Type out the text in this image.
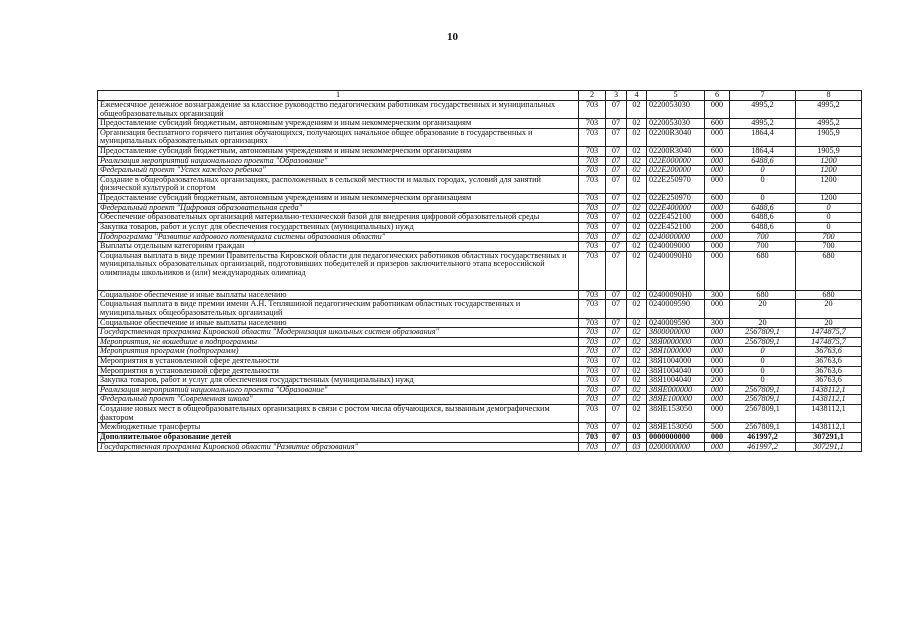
10
1	2	3	4	5	6	7	8
Ежемесячное денежное вознаграждение за классное руководство педагогическим работникам государственных и муниципальных общеобразовательных организаций	703	07	02	0220053030	000	4995,2	4995,2
Предоставление субсидий бюджетным, автономным учреждениям и иным некоммерческим организациям	703	07	02	0220053030	600	4995,2	4995,2
Организация бесплатного горячего питания обучающихся, получающих начальное общее образование в государственных и муниципальных образовательных организациях	703	07	02	02200R3040	000	1864,4	1905,9
Предоставление субсидий бюджетным, автономным учреждениям и иным некоммерческим организациям	703	07	02	02200R3040	600	1864,4	1905,9
Реализация мероприятий национального проекта "Образование"	703	07	02	022E000000	000	6488,6	1200
Федеральный проект "Успех каждого ребенка"	703	07	02	022E200000	000	0	1200
Создание в общеобразовательных организациях, расположенных в сельской местности и малых городах, условий для занятий физической культурой и спортом	703	07	02	022E250970	000	0	1200
Предоставление субсидий бюджетным, автономным учреждениям и иным некоммерческим организациям	703	07	02	022E250970	600	0	1200
Федеральный проект "Цифровая образовательная среда"	703	07	02	022E400000	000	6488,6	0
Обеспечение образовательных организаций материально-технической базой для внедрения цифровой образовательной среды	703	07	02	022E452100	000	6488,6	0
Закупка товаров, работ и услуг для обеспечения государственных (муниципальных) нужд	703	07	02	022E452100	200	6488,6	0
Подпрограмма "Развитие кадрового потенциала системы образования области"	703	07	02	0240000000	000	700	700
Выплаты отдельным категориям граждан	703	07	02	0240009000	000	700	700
Социальная выплата в виде премии Правительства Кировской области для педагогических работников областных государственных и муниципальных образовательных организаций, подготовивших победителей и призеров заключительного этапа всероссийской олимпиады школьников и (или) международных олимпиад	703	07	02	02400090Н0	000	680	680
Социальное обеспечение и иные выплаты населению	703	07	02	02400090Н0	300	680	680
Социальная выплата в виде премии имени А.Н. Тепляшиной педагогическим работникам областных государственных и муниципальных общеобразовательных организаций	703	07	02	0240009590	000	20	20
Социальное обеспечение и иные выплаты населению	703	07	02	0240009590	300	20	20
Государственная программа Кировской области "Модернизация школьных систем образования"	703	07	02	3800000000	000	2567809,1	1474875,7
Мероприятия, не вошедшие в подпрограммы	703	07	02	38Я0000000	000	2567809,1	1474875,7
Мероприятия программ (подпрограмм)	703	07	02	38Я1000000	000	0	36763,6
Мероприятия в установленной сфере деятельности	703	07	02	38Я1004000	000	0	36763,6
Мероприятия в установленной сфере деятельности	703	07	02	38Я1004040	000	0	36763,6
Закупка товаров, работ и услуг для обеспечения государственных (муниципальных) нужд	703	07	02	38Я1004040	200	0	36763,6
Реализация мероприятий национального проекта "Образование"	703	07	02	38ЯЕ000000	000	2567809,1	1438112,1
Федеральный проект "Современная школа"	703	07	02	38ЯЕ100000	000	2567809,1	1438112,1
Создание новых мест в общеобразовательных организациях в связи с ростом числа обучающихся, вызванным демографическим фактором	703	07	02	38ЯЕ153050	000	2567809,1	1438112,1
Межбюджетные трансферты	703	07	02	38ЯЕ153050	500	2567809,1	1438112,1
Дополнительное образование детей	703	07	03	0000000000	000	461997,2	307291,1
Государственная программа Кировской области "Развитие образования"	703	07	03	0200000000	000	461997,2	307291,1
